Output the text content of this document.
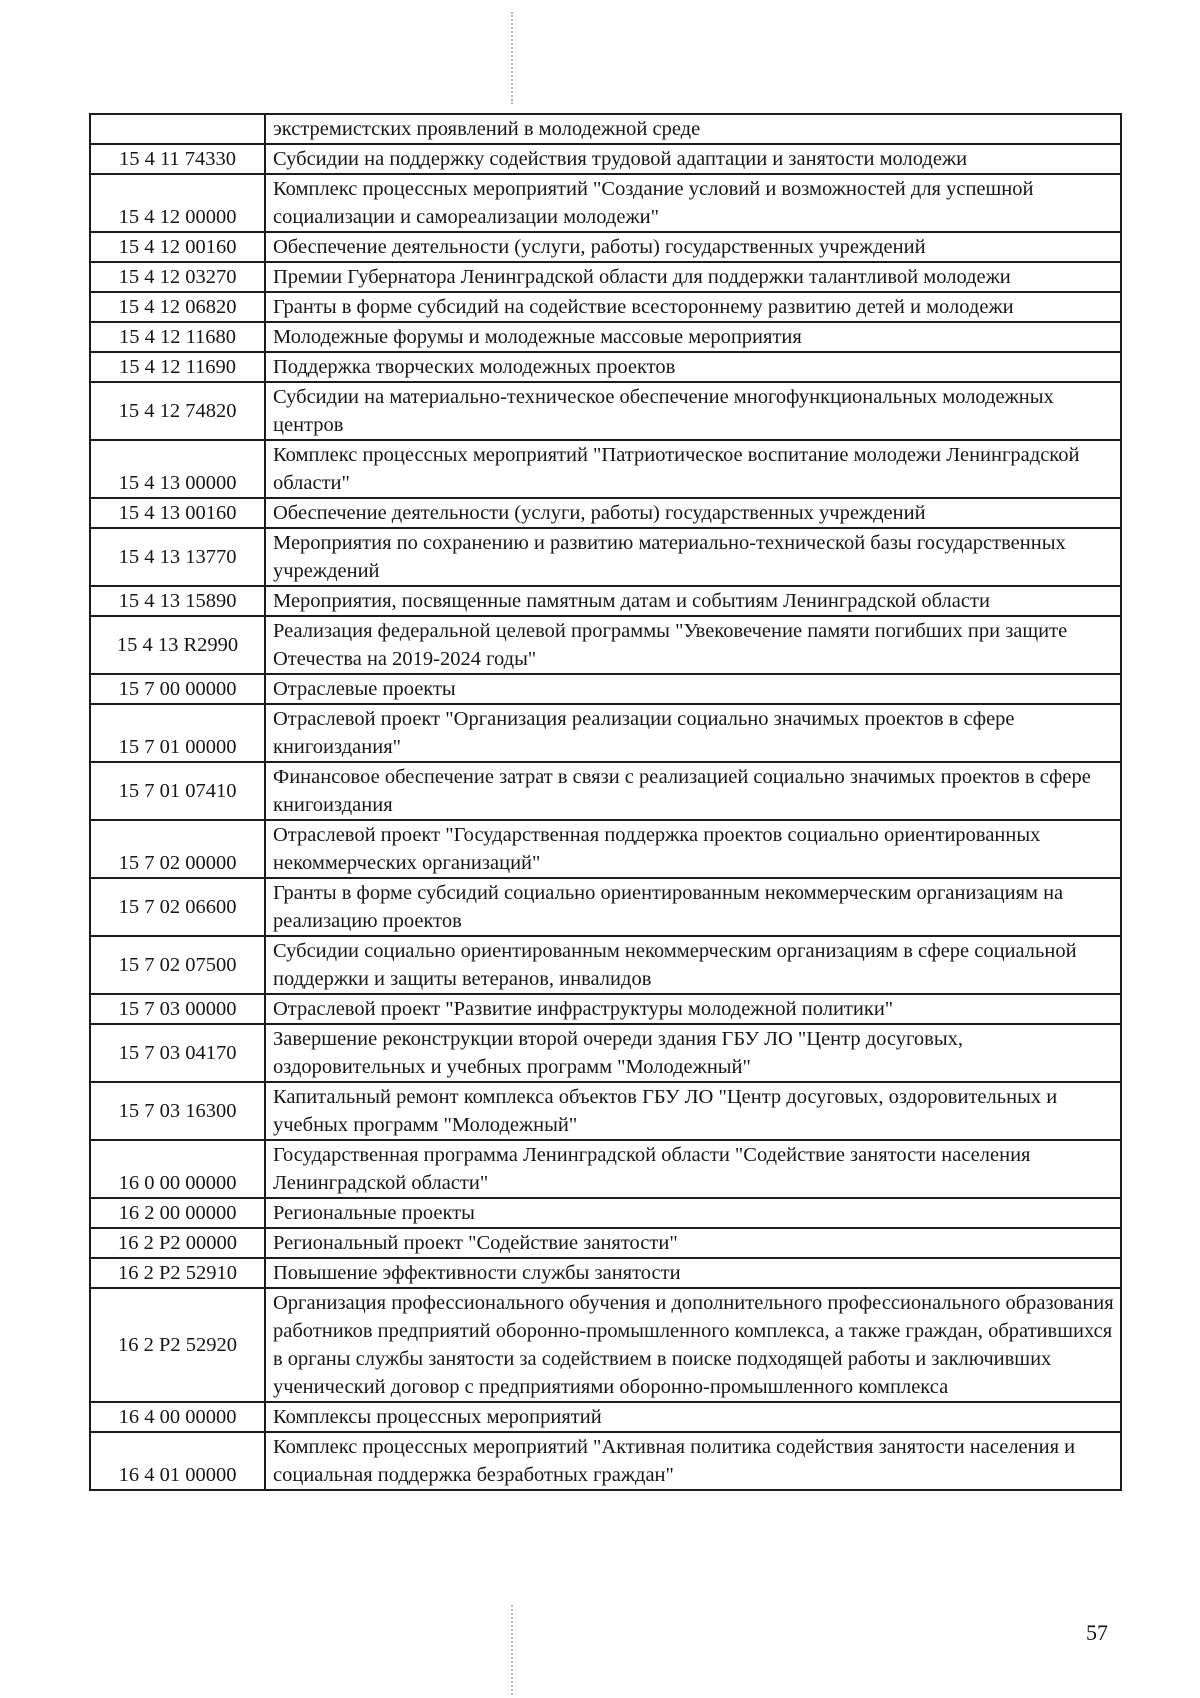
	экстремистских проявлений в молодежной среде
15 4 11 74330	Субсидии на поддержку содействия трудовой адаптации и занятости молодежи
15 4 12 00000	Комплекс процессных мероприятий "Создание условий и возможностей для успешной социализации и самореализации молодежи"
15 4 12 00160	Обеспечение деятельности (услуги, работы) государственных учреждений
15 4 12 03270	Премии Губернатора Ленинградской области для поддержки талантливой молодежи
15 4 12 06820	Гранты в форме субсидий на содействие всестороннему развитию детей и молодежи
15 4 12 11680	Молодежные форумы и молодежные массовые мероприятия
15 4 12 11690	Поддержка творческих молодежных проектов
15 4 12 74820	Субсидии на материально-техническое обеспечение многофункциональных молодежных центров
15 4 13 00000	Комплекс процессных мероприятий "Патриотическое воспитание молодежи Ленинградской области"
15 4 13 00160	Обеспечение деятельности (услуги, работы) государственных учреждений
15 4 13 13770	Мероприятия по сохранению и развитию материально-технической базы государственных учреждений
15 4 13 15890	Мероприятия, посвященные памятным датам и событиям Ленинградской области
15 4 13 R2990	Реализация федеральной целевой программы "Увековечение памяти погибших при защите Отечества на 2019-2024 годы"
15 7 00 00000	Отраслевые проекты
15 7 01 00000	Отраслевой проект "Организация реализации социально значимых проектов в сфере книгоиздания"
15 7 01 07410	Финансовое обеспечение затрат в связи с реализацией социально значимых проектов в сфере книгоиздания
15 7 02 00000	Отраслевой проект "Государственная поддержка проектов социально ориентированных некоммерческих организаций"
15 7 02 06600	Гранты в форме субсидий социально ориентированным некоммерческим организациям на реализацию проектов
15 7 02 07500	Субсидии социально ориентированным некоммерческим организациям в сфере социальной поддержки и защиты ветеранов, инвалидов
15 7 03 00000	Отраслевой проект "Развитие инфраструктуры молодежной политики"
15 7 03 04170	Завершение реконструкции второй очереди здания ГБУ ЛО "Центр досуговых, оздоровительных и учебных программ "Молодежный"
15 7 03 16300	Капитальный ремонт комплекса объектов ГБУ ЛО "Центр досуговых, оздоровительных и учебных программ "Молодежный"
16 0 00 00000	Государственная программа Ленинградской области "Содействие занятости населения Ленинградской области"
16 2 00 00000	Региональные проекты
16 2 Р2 00000	Региональный проект "Содействие занятости"
16 2 Р2 52910	Повышение эффективности службы занятости
16 2 Р2 52920	Организация профессионального обучения и дополнительного профессионального образования работников предприятий оборонно-промышленного комплекса, а также граждан, обратившихся в органы службы занятости за содействием в поиске подходящей работы и заключивших ученический договор с предприятиями оборонно-промышленного комплекса
16 4 00 00000	Комплексы процессных мероприятий
16 4 01 00000	Комплекс процессных мероприятий "Активная политика содействия занятости населения и социальная поддержка безработных граждан"
57
